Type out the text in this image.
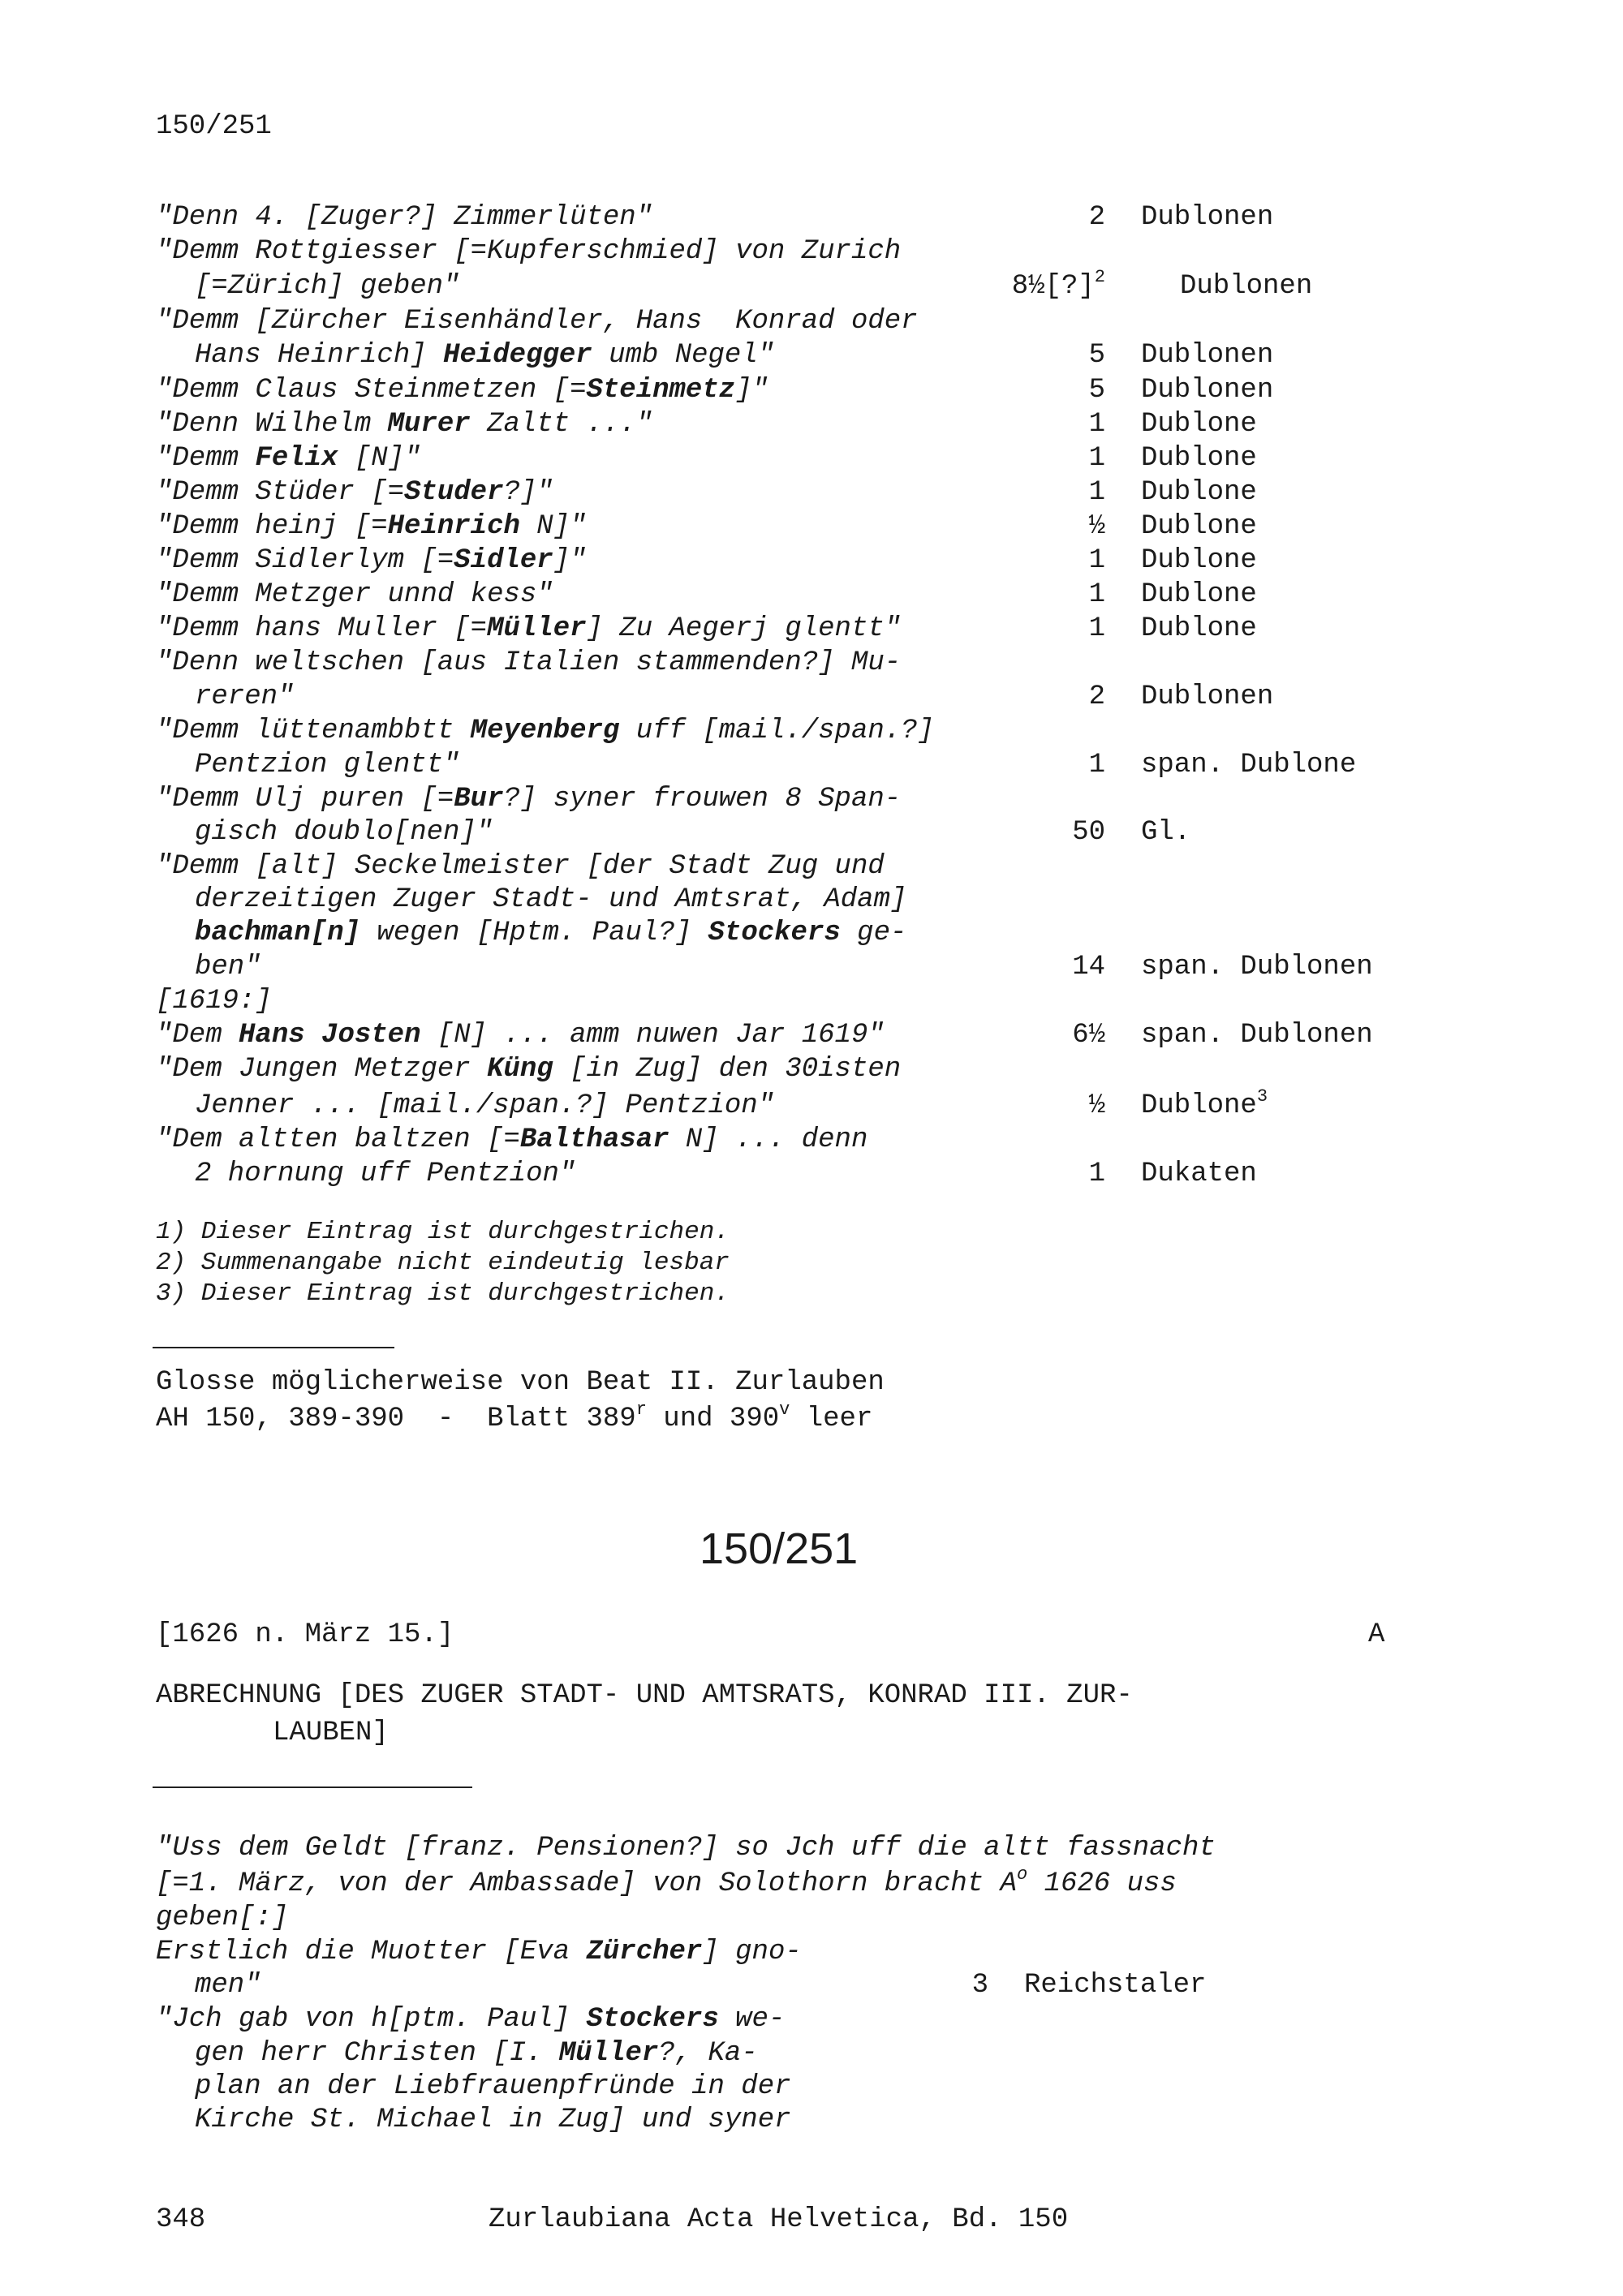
150/251
"Denn 4. [Zuger?] Zimmerlüten"	2 Dublonen
"Demm Rottgiesser [=Kupferschmied] von Zurich
[=Zürich] geben"	8½[?]$^2$	Dublonen
"Demm [Zürcher Eisenhändler, Hans  Konrad oder
Hans Heinrich] Heidegger umb Negel"	5 Dublonen
"Demm Claus Steinmetzen [=Steinmetz]"	5 Dublonen
"Denn Wilhelm Murer Zaltt ..."	1 Dublone
"Demm Felix [N]"	1 Dublone
"Demm Stüder [=Studer?]"	1 Dublone
"Demm heinj [=Heinrich N]"	½ Dublone
"Demm Sidlerlym [=Sidler]"	1 Dublone
"Demm Metzger unnd kess"	1 Dublone
"Demm hans Muller [=Müller] Zu Aegerj glentt"	1 Dublone
"Denn weltschen [aus Italien stammenden?] Mu-
reren"	2 Dublonen
"Demm lüttenambbtt Meyenberg uff [mail./span.?]
Pentzion glentt"	1 span. Dublone
"Demm Ulj puren [=Bur?] syner frouwen 8 Span-
gisch doublo[nen]"	50 Gl.
"Demm [alt] Seckelmeister [der Stadt Zug und
derzeitigen Zuger Stadt- und Amtsrat, Adam]
bachman[n] wegen [Hptm. Paul?] Stockers ge-
ben"	14 span. Dublonen
[1619:]
"Dem Hans Josten [N] ... amm nuwen Jar 1619"	6½ span. Dublonen
"Dem Jungen Metzger Küng [in Zug] den 30isten
Jenner ... [mail./span.?] Pentzion"	½ Dublone$^3$
"Dem altten baltzen [=Balthasar N] ... denn
2 hornung uff Pentzion"	1 Dukaten
1) Dieser Eintrag ist durchgestrichen.
2) Summenangabe nicht eindeutig lesbar
3) Dieser Eintrag ist durchgestrichen.
Glosse möglicherweise von Beat II. Zurlauben
AH 150, 389-390  -  Blatt 389$^r$ und 390$^v$ leer
150/251
[1626 n. März 15.]	A
ABRECHNUNG [DES ZUGER STADT- UND AMTSRATS, KONRAD III. ZUR-
LAUBEN]
"Uss dem Geldt [franz. Pensionen?] so Jch uff die altt fassnacht
[=1. März, von der Ambassade] von Solothorn bracht $A^o$ 1626 uss
geben[:]
Erstlich die Muotter [Eva Zürcher] gno-
men"	3 Reichstaler
"Jch gab von h[ptm. Paul] Stockers we-
gen herr Christen [I. Müller?, Ka-
plan an der Liebfrauenpfründe in der
Kirche St. Michael in Zug] und syner
348	Zurlaubiana Acta Helvetica, Bd. 150
